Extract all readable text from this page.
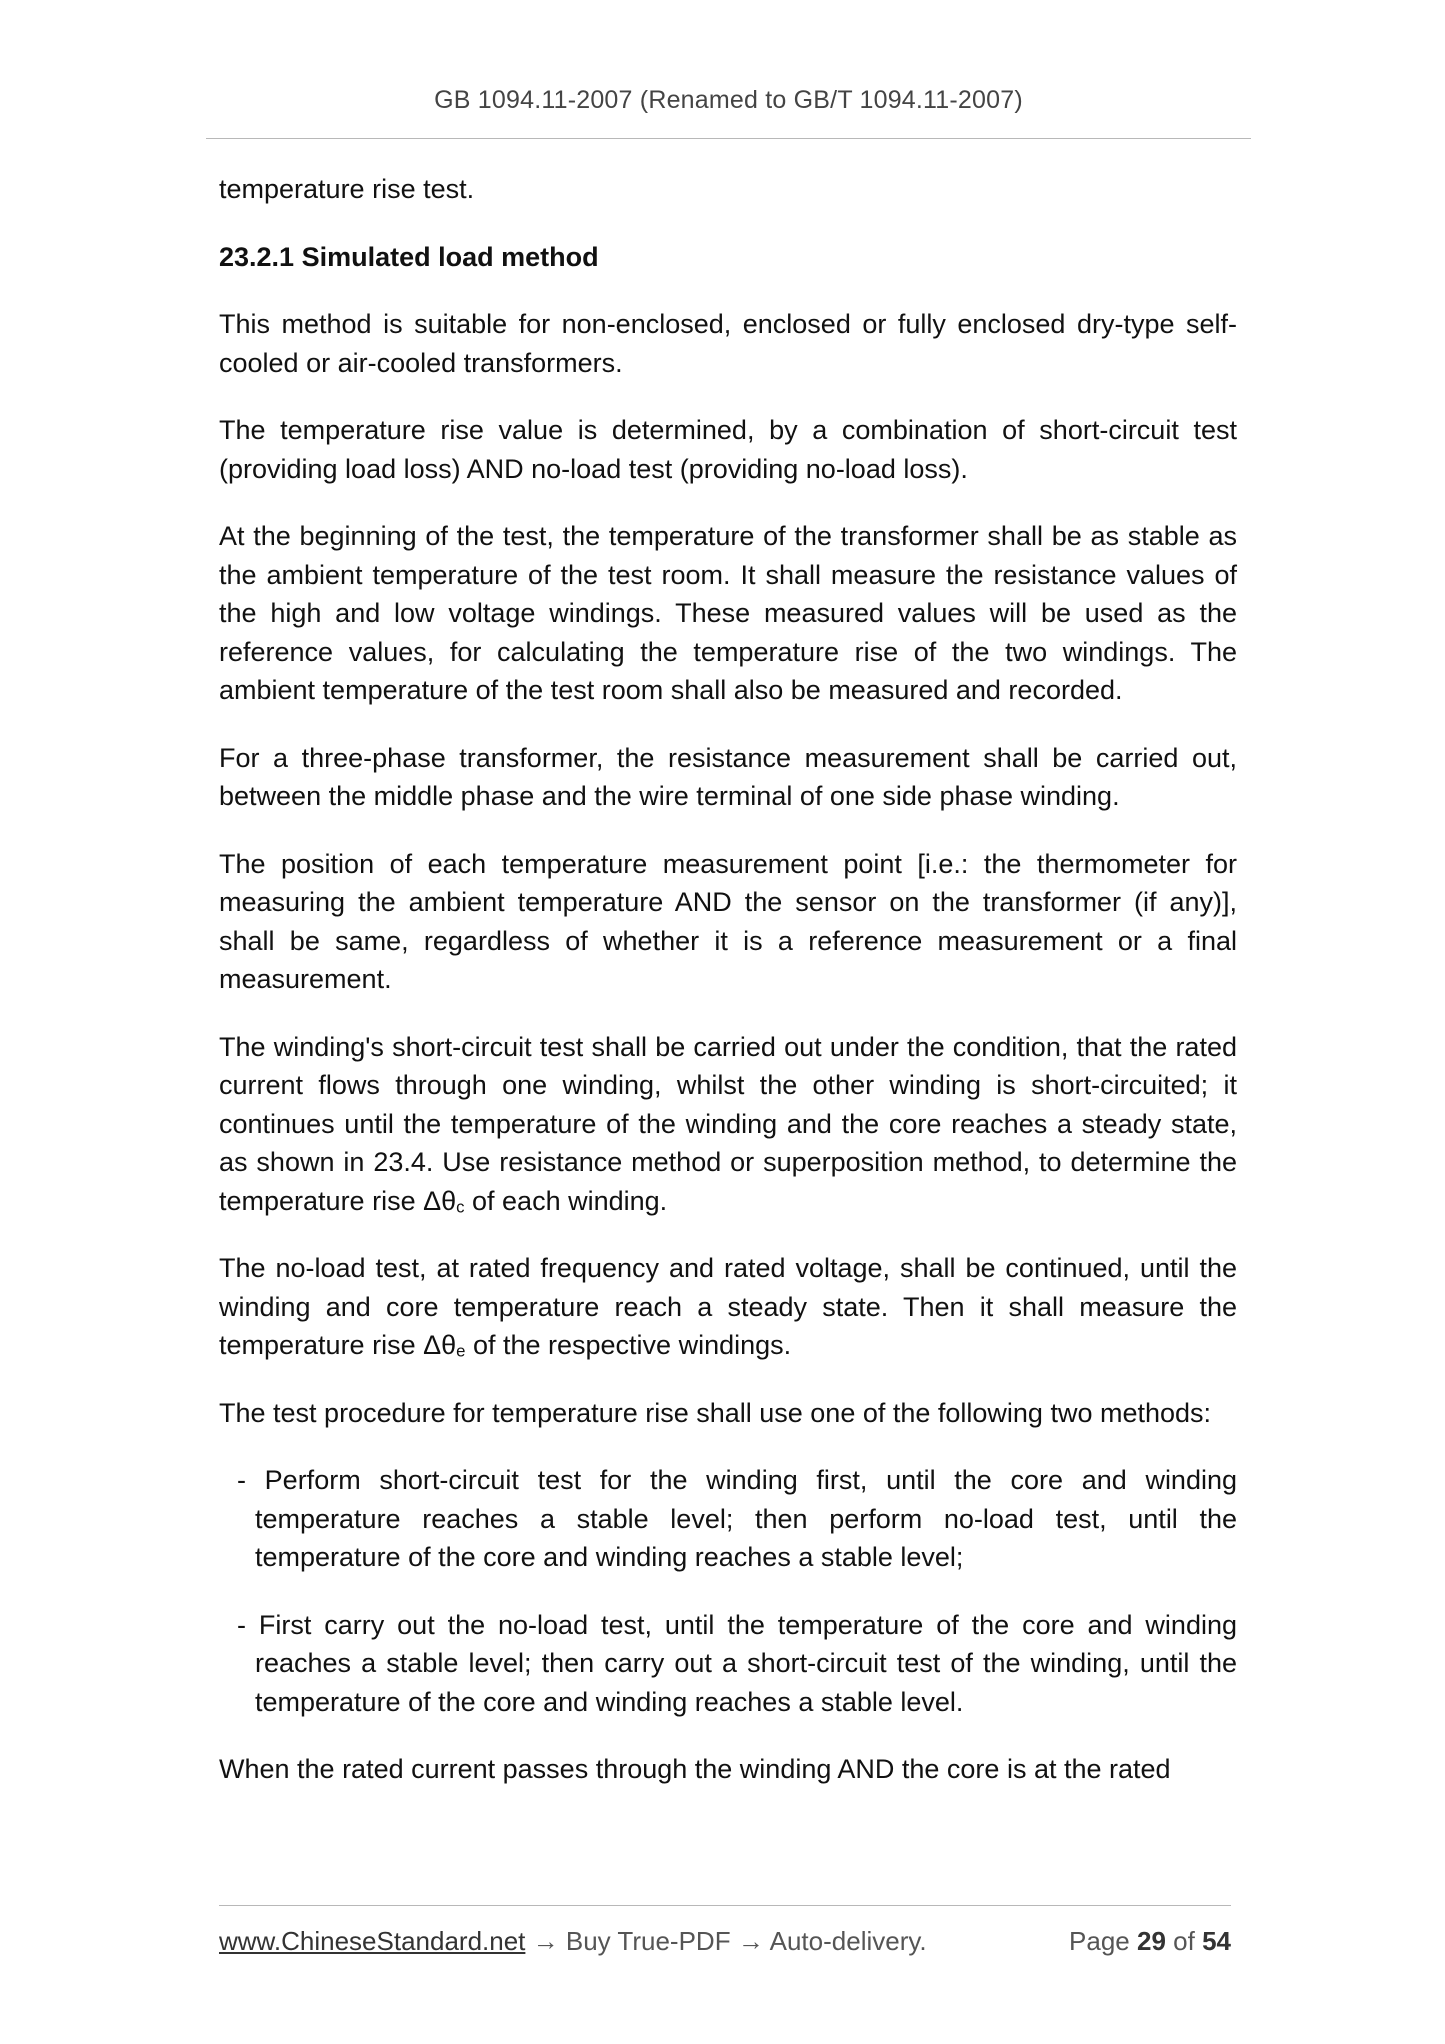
GB 1094.11-2007 (Renamed to GB/T 1094.11-2007)

temperature rise test.

23.2.1 Simulated load method

This method is suitable for non-enclosed, enclosed or fully enclosed dry-type self-cooled or air-cooled transformers.

The temperature rise value is determined, by a combination of short-circuit test (providing load loss) AND no-load test (providing no-load loss).

At the beginning of the test, the temperature of the transformer shall be as stable as the ambient temperature of the test room. It shall measure the resistance values of the high and low voltage windings. These measured values will be used as the reference values, for calculating the temperature rise of the two windings. The ambient temperature of the test room shall also be measured and recorded.

For a three-phase transformer, the resistance measurement shall be carried out, between the middle phase and the wire terminal of one side phase winding.

The position of each temperature measurement point [i.e.: the thermometer for measuring the ambient temperature AND the sensor on the transformer (if any)], shall be same, regardless of whether it is a reference measurement or a final measurement.

The winding's short-circuit test shall be carried out under the condition, that the rated current flows through one winding, whilst the other winding is short-circuited; it continues until the temperature of the winding and the core reaches a steady state, as shown in 23.4. Use resistance method or superposition method, to determine the temperature rise $\Delta\theta_c$ of each winding.

The no-load test, at rated frequency and rated voltage, shall be continued, until the winding and core temperature reach a steady state. Then it shall measure the temperature rise $\Delta\theta_e$ of the respective windings.

The test procedure for temperature rise shall use one of the following two methods:

- Perform short-circuit test for the winding first, until the core and winding temperature reaches a stable level; then perform no-load test, until the temperature of the core and winding reaches a stable level;

- First carry out the no-load test, until the temperature of the core and winding reaches a stable level; then carry out a short-circuit test of the winding, until the temperature of the core and winding reaches a stable level.

When the rated current passes through the winding AND the core is at the rated

www.ChineseStandard.net → Buy True-PDF → Auto-delivery.	Page 29 of 54
